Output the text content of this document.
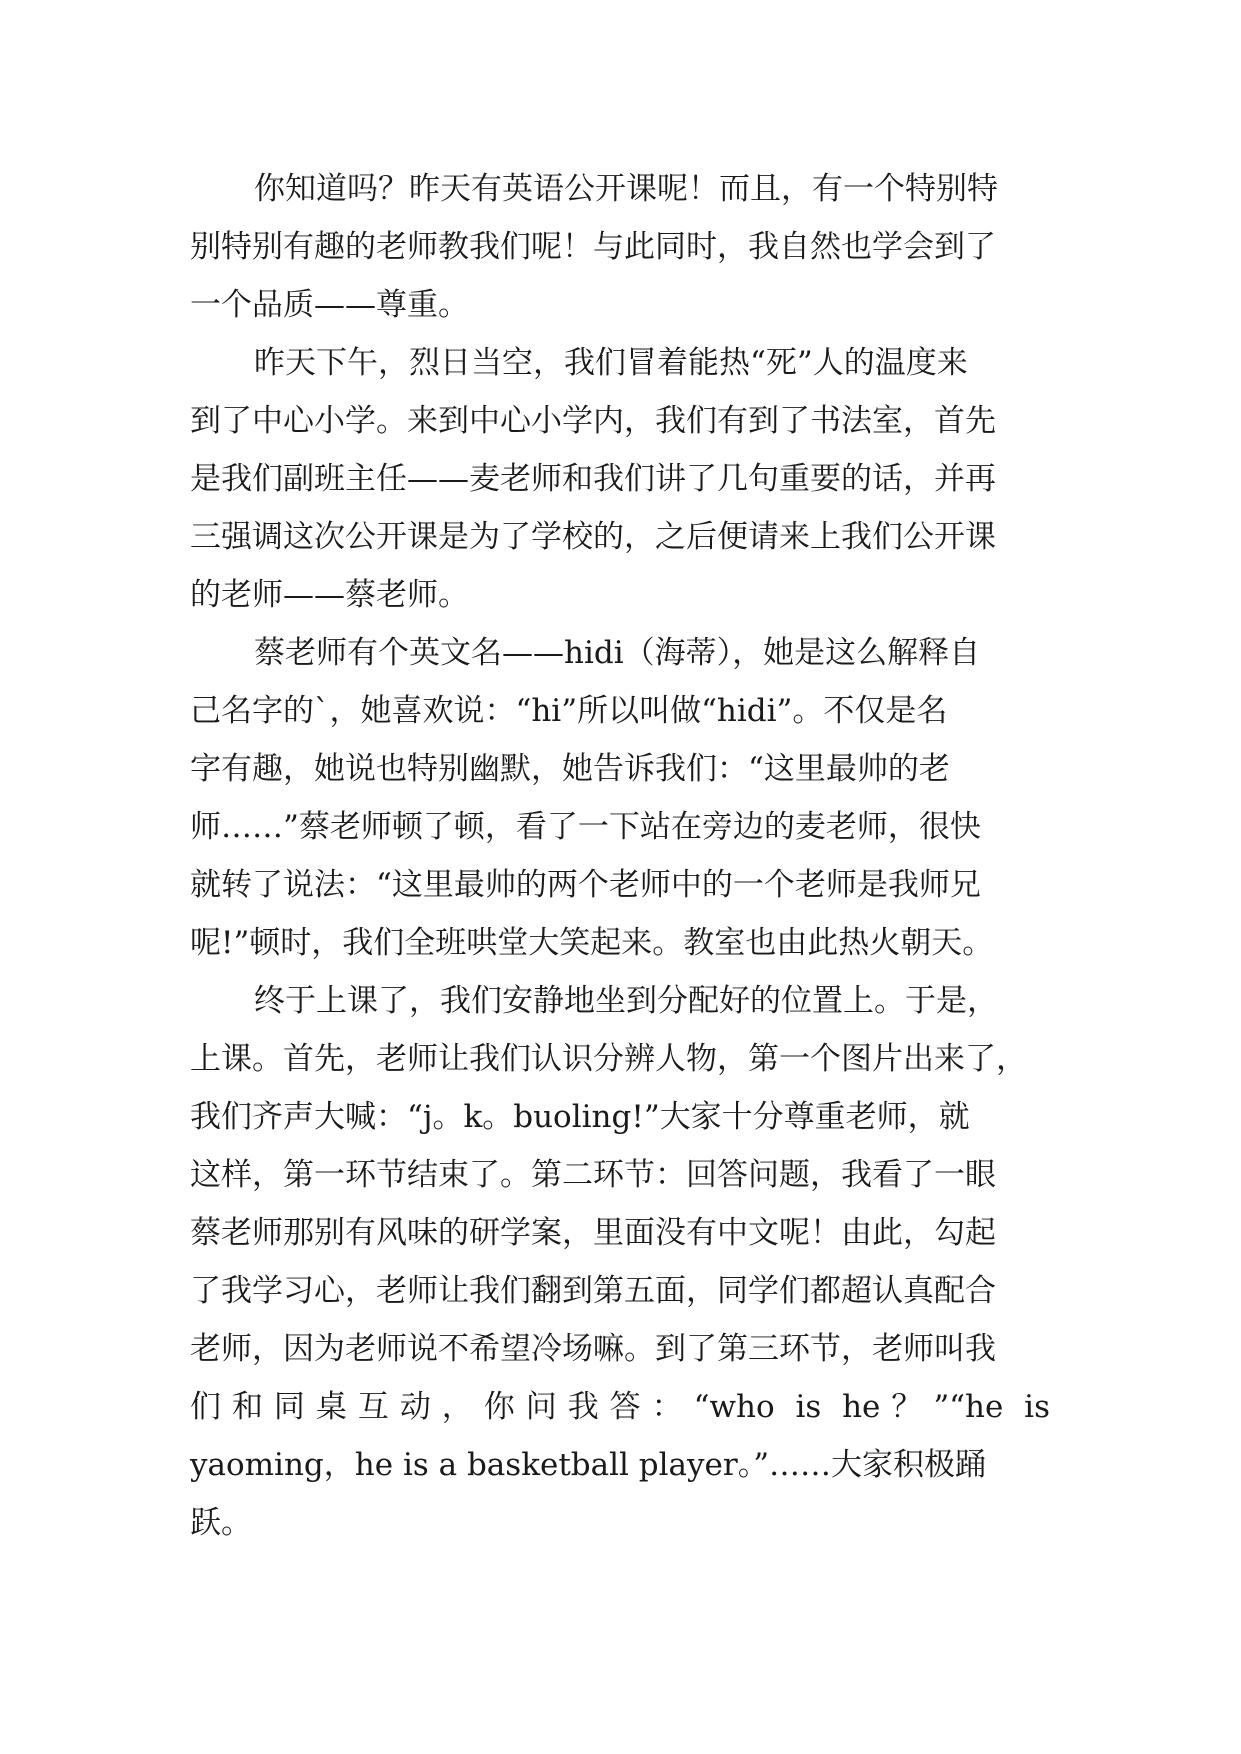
你知道吗？昨天有英语公开课呢！而且，有一个特别特
别特别有趣的老师教我们呢！与此同时，我自然也学会到了
一个品质——尊重。
昨天下午，烈日当空，我们冒着能热“死”人的温度来
到了中心小学。来到中心小学内，我们有到了书法室，首先
是我们副班主任——麦老师和我们讲了几句重要的话，并再
三强调这次公开课是为了学校的，之后便请来上我们公开课
的老师——蔡老师。
蔡老师有个英文名——hidi（海蒂），她是这么解释自
己名字的`，她喜欢说：“hi”所以叫做“hidi”。不仅是名
字有趣，她说也特别幽默，她告诉我们：“这里最帅的老
师……”蔡老师顿了顿，看了一下站在旁边的麦老师，很快
就转了说法：“这里最帅的两个老师中的一个老师是我师兄
呢!”顿时，我们全班哄堂大笑起来。教室也由此热火朝天。
终于上课了，我们安静地坐到分配好的位置上。于是，
上课。首先，老师让我们认识分辨人物，第一个图片出来了，
我们齐声大喊：“j。k。buoling!”大家十分尊重老师，就
这样，第一环节结束了。第二环节：回答问题，我看了一眼
蔡老师那别有风味的研学案，里面没有中文呢！由此，勾起
了我学习心，老师让我们翻到第五面，同学们都超认真配合
老师，因为老师说不希望冷场嘛。到了第三环节，老师叫我
们和同桌互动，你问我答：“who is he？”“he is
yaoming，he is a basketball player。”……大家积极踊
跃。
